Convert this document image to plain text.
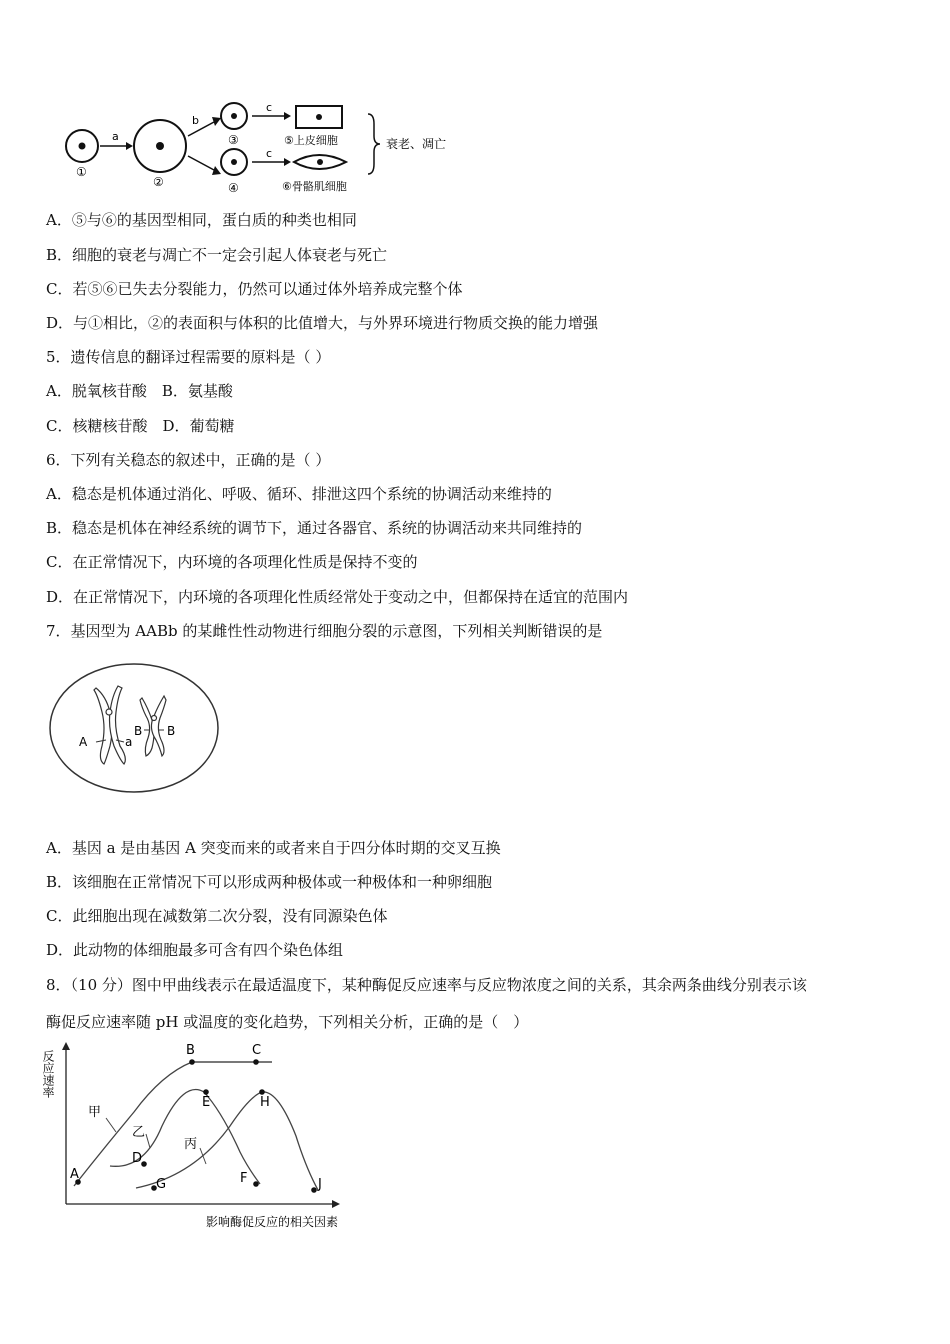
①
a
②
b
③
④
c
c
⑤上皮细胞
⑥骨骼肌细胞
衰老、凋亡
A．⑤与⑥的基因型相同，蛋白质的种类也相同
B．细胞的衰老与凋亡不一定会引起人体衰老与死亡
C．若⑤⑥已失去分裂能力，仍然可以通过体外培养成完整个体
D．与①相比，②的表面积与体积的比值增大，与外界环境进行物质交换的能力增强
5．遗传信息的翻译过程需要的原料是（ ）
A．脱氧核苷酸　B．氨基酸
C．核糖核苷酸　D．葡萄糖
6．下列有关稳态的叙述中，正确的是（ ）
A．稳态是机体通过消化、呼吸、循环、排泄这四个系统的协调活动来维持的
B．稳态是机体在神经系统的调节下，通过各器官、系统的协调活动来共同维持的
C．在正常情况下，内环境的各项理化性质是保持不变的
D．在正常情况下，内环境的各项理化性质经常处于变动之中，但都保持在适宜的范围内
7．基因型为 AABb 的某雌性性动物进行细胞分裂的示意图，下列相关判断错误的是
A	a
B B
A．基因 a 是由基因 A 突变而来的或者来自于四分体时期的交叉互换
B．该细胞在正常情况下可以形成两种极体或一种极体和一种卵细胞
C．此细胞出现在减数第二次分裂，没有同源染色体
D．此动物的体细胞最多可含有四个染色体组
8．（10 分）图中甲曲线表示在最适温度下，某种酶促反应速率与反应物浓度之间的关系，其余两条曲线分别表示该
酶促反应速率随 pH 或温度的变化趋势，下列相关分析，正确的是（　）
反应速率
A
B	C
D
E
F
G
H
J
甲
乙
丙
影响酶促反应的相关因素
